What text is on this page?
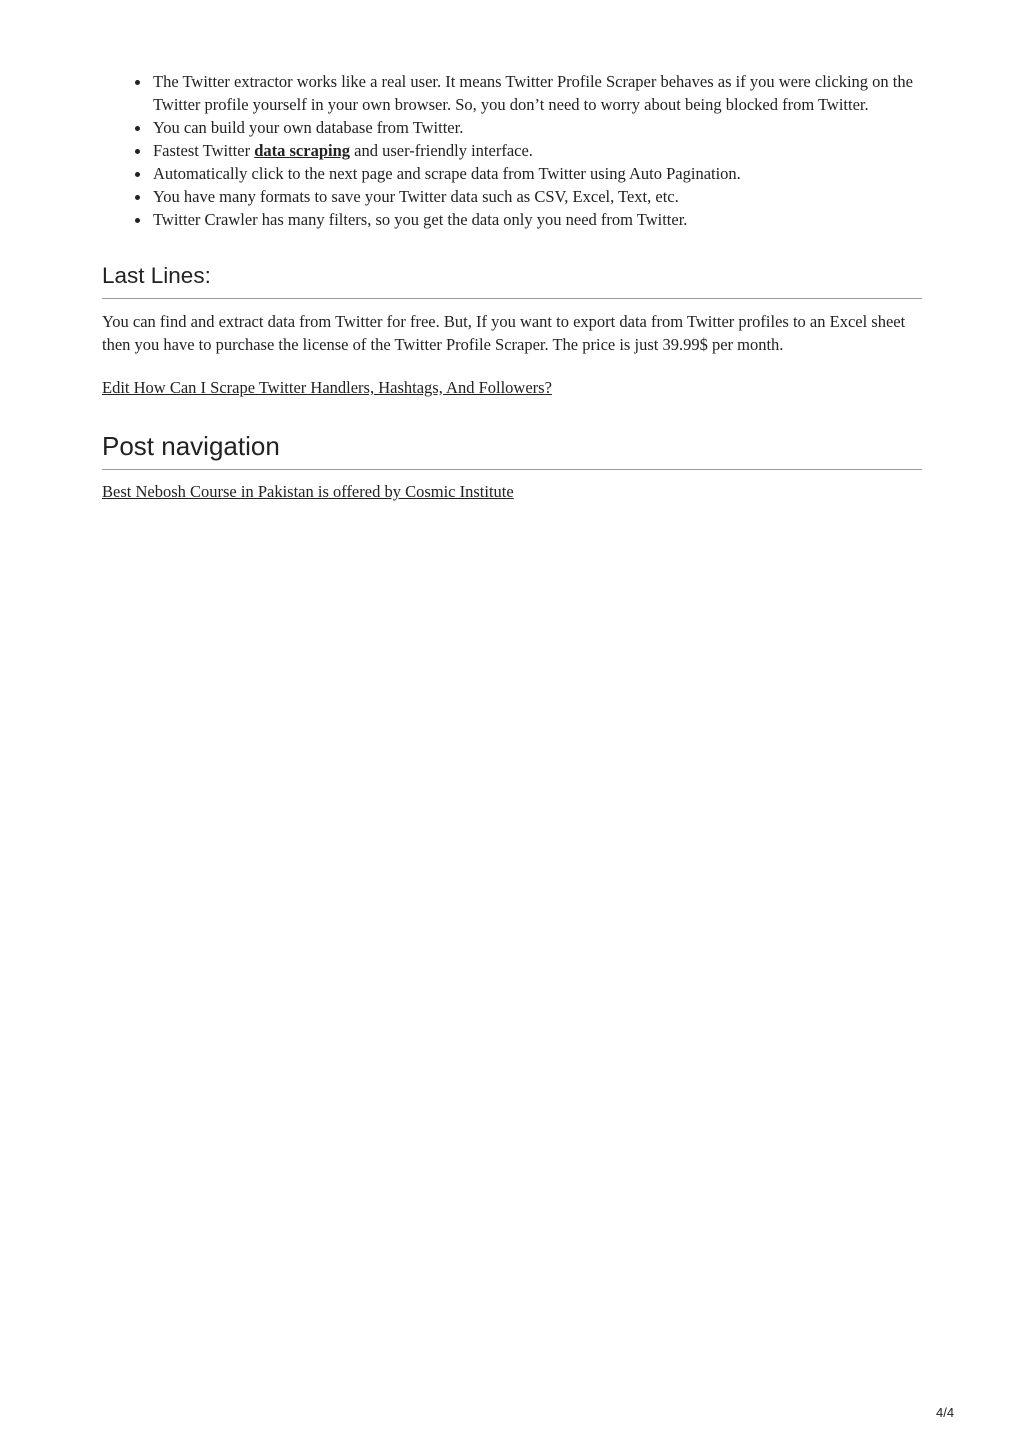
The Twitter extractor works like a real user. It means Twitter Profile Scraper behaves as if you were clicking on the Twitter profile yourself in your own browser. So, you don’t need to worry about being blocked from Twitter.
You can build your own database from Twitter.
Fastest Twitter data scraping and user-friendly interface.
Automatically click to the next page and scrape data from Twitter using Auto Pagination.
You have many formats to save your Twitter data such as CSV, Excel, Text, etc.
Twitter Crawler has many filters, so you get the data only you need from Twitter.
Last Lines:

You can find and extract data from Twitter for free. But, If you want to export data from Twitter profiles to an Excel sheet then you have to purchase the license of the Twitter Profile Scraper. The price is just 39.99$ per month.

Edit How Can I Scrape Twitter Handlers, Hashtags, And Followers?

Post navigation

Best Nebosh Course in Pakistan is offered by Cosmic Institute

4/4
